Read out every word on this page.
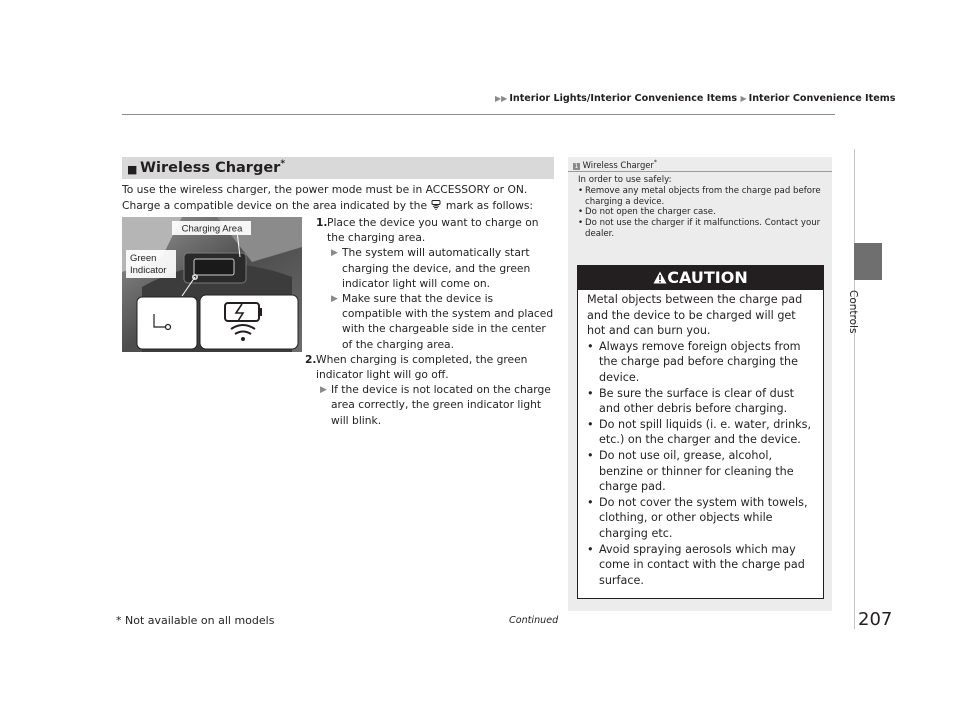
▶▶ Interior Lights/Interior Convenience Items ▶ Interior Convenience Items
Controls
■ Wireless Charger*
To use the wireless charger, the power mode must be in ACCESSORY or ON.
Charge a compatible device on the area indicated by the mark as follows:
Charging Area
Green
Indicator
1. Place the device you want to charge on the charging area.
▶ The system will automatically start charging the device, and the green indicator light will come on.
▶ Make sure that the device is compatible with the system and placed with the chargeable side in the center of the charging area.
2. When charging is completed, the green indicator light will go off.
▶ If the device is not located on the charge area correctly, the green indicator light will blink.
1 Wireless Charger*
In order to use safely:
• Remove any metal objects from the charge pad before charging a device.
• Do not open the charger case.
• Do not use the charger if it malfunctions. Contact your dealer.
CAUTION
Metal objects between the charge pad and the device to be charged will get hot and can burn you.
• Always remove foreign objects from the charge pad before charging the device.
• Be sure the surface is clear of dust and other debris before charging.
• Do not spill liquids (i. e. water, drinks, etc.) on the charger and the device.
• Do not use oil, grease, alcohol, benzine or thinner for cleaning the charge pad.
• Do not cover the system with towels, clothing, or other objects while charging etc.
• Avoid spraying aerosols which may come in contact with the charge pad surface.
* Not available on all models	Continued	207
